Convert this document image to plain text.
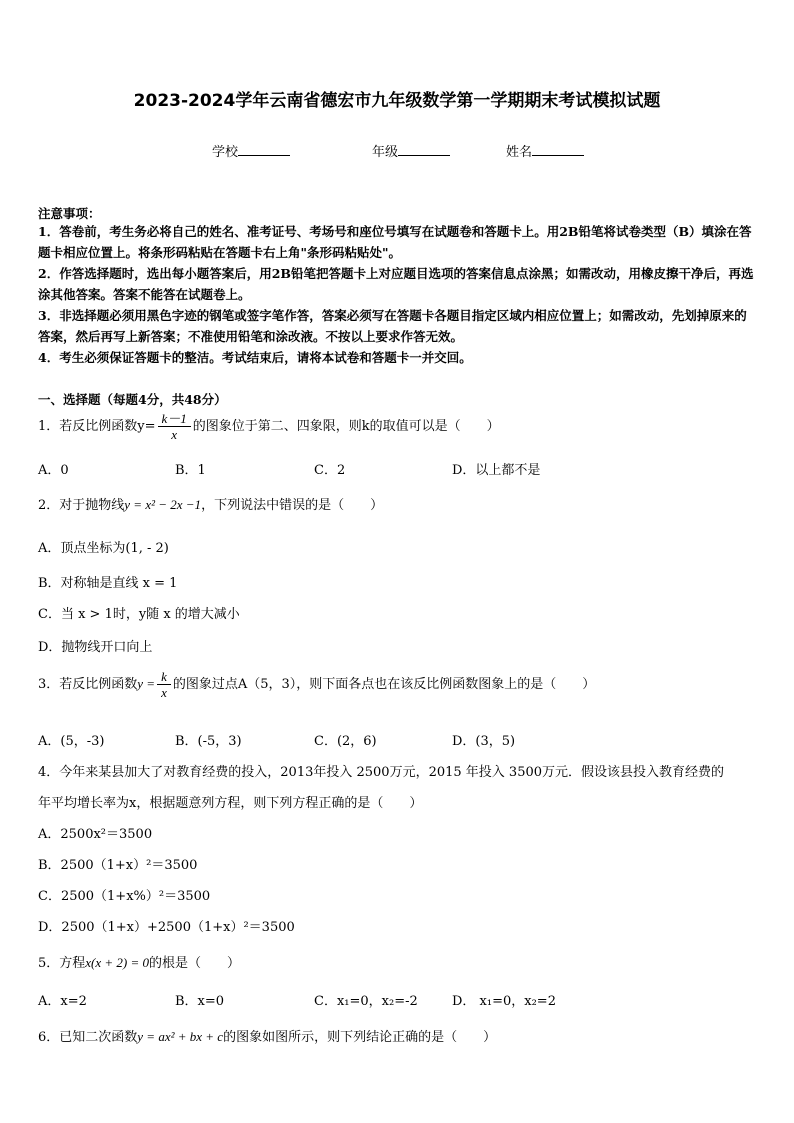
2023-2024学年云南省德宏市九年级数学第一学期期末考试模拟试题
学校	年级	姓名
注意事项：
1．答卷前，考生务必将自己的姓名、准考证号、考场号和座位号填写在试题卷和答题卡上。用2B铅笔将试卷类型（B）填涂在答题卡相应位置上。将条形码粘贴在答题卡右上角"条形码粘贴处"。
2．作答选择题时，选出每小题答案后，用2B铅笔把答题卡上对应题目选项的答案信息点涂黑；如需改动，用橡皮擦干净后，再选涂其他答案。答案不能答在试题卷上。
3．非选择题必须用黑色字迹的钢笔或签字笔作答，答案必须写在答题卡各题目指定区域内相应位置上；如需改动，先划掉原来的答案，然后再写上新答案；不准使用铅笔和涂改液。不按以上要求作答无效。
4．考生必须保证答题卡的整洁。考试结束后，请将本试卷和答题卡一并交回。
一、选择题（每题4分，共48分）
1．若反比例函数$y= \frac{k-1}{x}$ 的图象位于第二、四象限，则k的取值可以是（　　）
A．0	B．1	C．2	D．以上都不是
2．对于抛物线y = x² − 2x −1，下列说法中错误的是（　　）
A．顶点坐标为(1, - 2)
B．对称轴是直线 x = 1
C．当 x > 1时，y随 x 的增大减小
D．抛物线开口向上
3．若反比例函数$y = \frac{k}{x}$ 的图象过点A（5，3），则下面各点也在该反比例函数图象上的是（　　）
A．(5，-3)	B．(-5，3)	C．(2，6)	D．(3，5)
4．今年来某县加大了对教育经费的投入，2013年投入 2500万元，2015 年投入 3500万元．假设该县投入教育经费的
年平均增长率为x，根据题意列方程，则下列方程正确的是（　　）
A．2500x²＝3500
B．2500（1+x）²＝3500
C．2500（1+x%）²＝3500
D．2500（1+x）+2500（1+x）²＝3500
5．方程x(x + 2) = 0的根是（　　）
A．x=2	B．x=0	C．x₁=0，x₂=-2	D． x₁=0，x₂=2
6．已知二次函数y = ax² + bx + c的图象如图所示，则下列结论正确的是（　　）
